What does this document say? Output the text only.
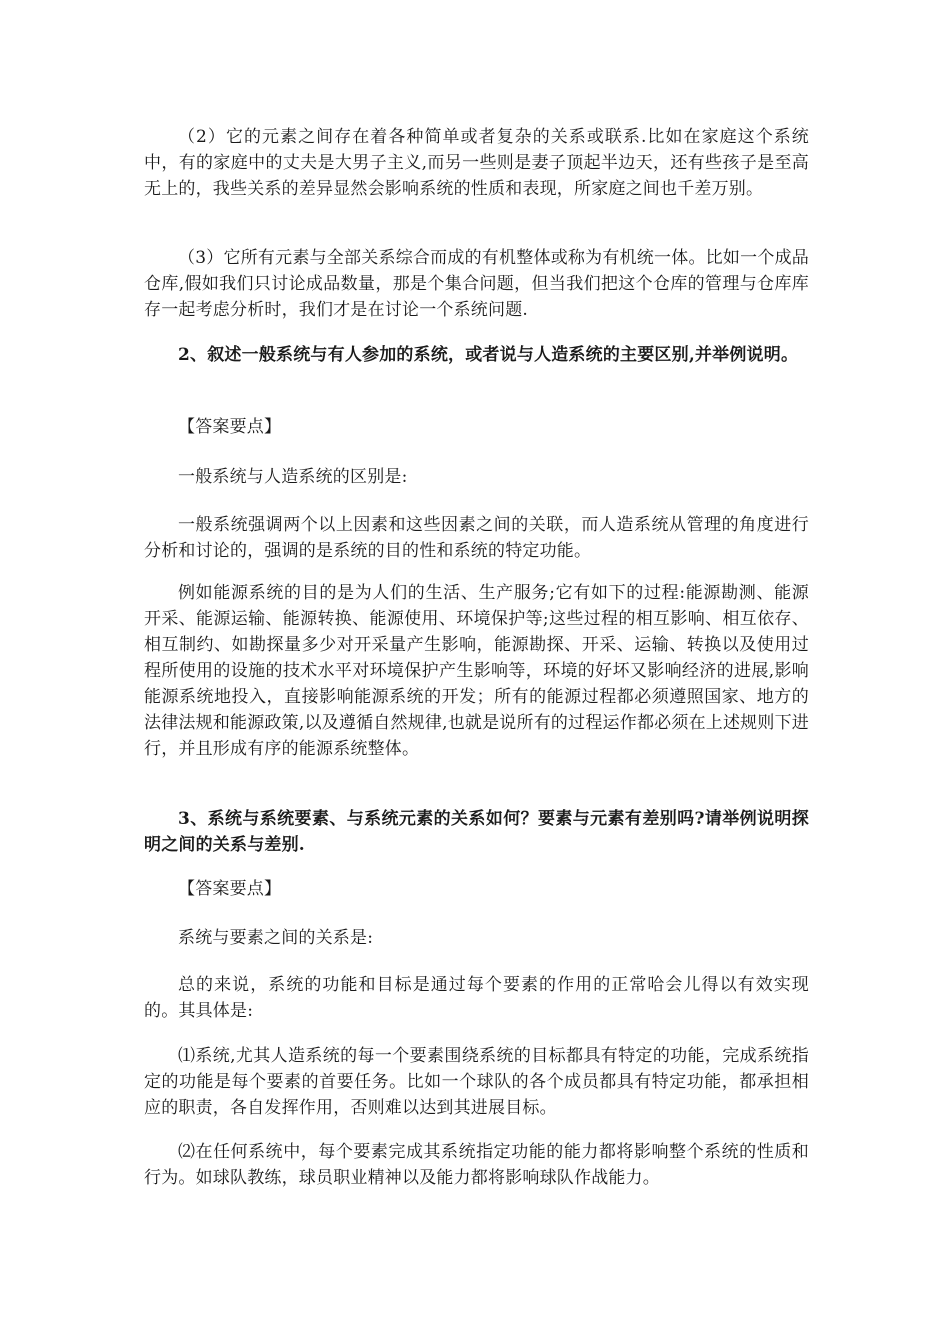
（2）它的元素之间存在着各种简单或者复杂的关系或联系.比如在家庭这个系统中，有的家庭中的丈夫是大男子主义,而另一些则是妻子顶起半边天，还有些孩子是至高无上的，我些关系的差异显然会影响系统的性质和表现，所家庭之间也千差万别。

（3）它所有元素与全部关系综合而成的有机整体或称为有机统一体。比如一个成品仓库,假如我们只讨论成品数量，那是个集合问题，但当我们把这个仓库的管理与仓库库存一起考虑分析时，我们才是在讨论一个系统问题.

2、叙述一般系统与有人参加的系统，或者说与人造系统的主要区别,并举例说明。

【答案要点】

一般系统与人造系统的区别是:

一般系统强调两个以上因素和这些因素之间的关联，而人造系统从管理的角度进行分析和讨论的，强调的是系统的目的性和系统的特定功能。

例如能源系统的目的是为人们的生活、生产服务;它有如下的过程:能源勘测、能源开采、能源运输、能源转换、能源使用、环境保护等;这些过程的相互影响、相互依存、相互制约、如勘探量多少对开采量产生影响，能源勘探、开采、运输、转换以及使用过程所使用的设施的技术水平对环境保护产生影响等，环境的好坏又影响经济的进展,影响能源系统地投入，直接影响能源系统的开发；所有的能源过程都必须遵照国家、地方的法律法规和能源政策,以及遵循自然规律,也就是说所有的过程运作都必须在上述规则下进行，并且形成有序的能源系统整体。

3、系统与系统要素、与系统元素的关系如何？要素与元素有差别吗?请举例说明探明之间的关系与差别.

【答案要点】

系统与要素之间的关系是:

总的来说，系统的功能和目标是通过每个要素的作用的正常哈会儿得以有效实现的。其具体是:

⑴系统,尤其人造系统的每一个要素围绕系统的目标都具有特定的功能，完成系统指定的功能是每个要素的首要任务。比如一个球队的各个成员都具有特定功能，都承担相应的职责，各自发挥作用，否则难以达到其进展目标。

⑵在任何系统中，每个要素完成其系统指定功能的能力都将影响整个系统的性质和行为。如球队教练，球员职业精神以及能力都将影响球队作战能力。
